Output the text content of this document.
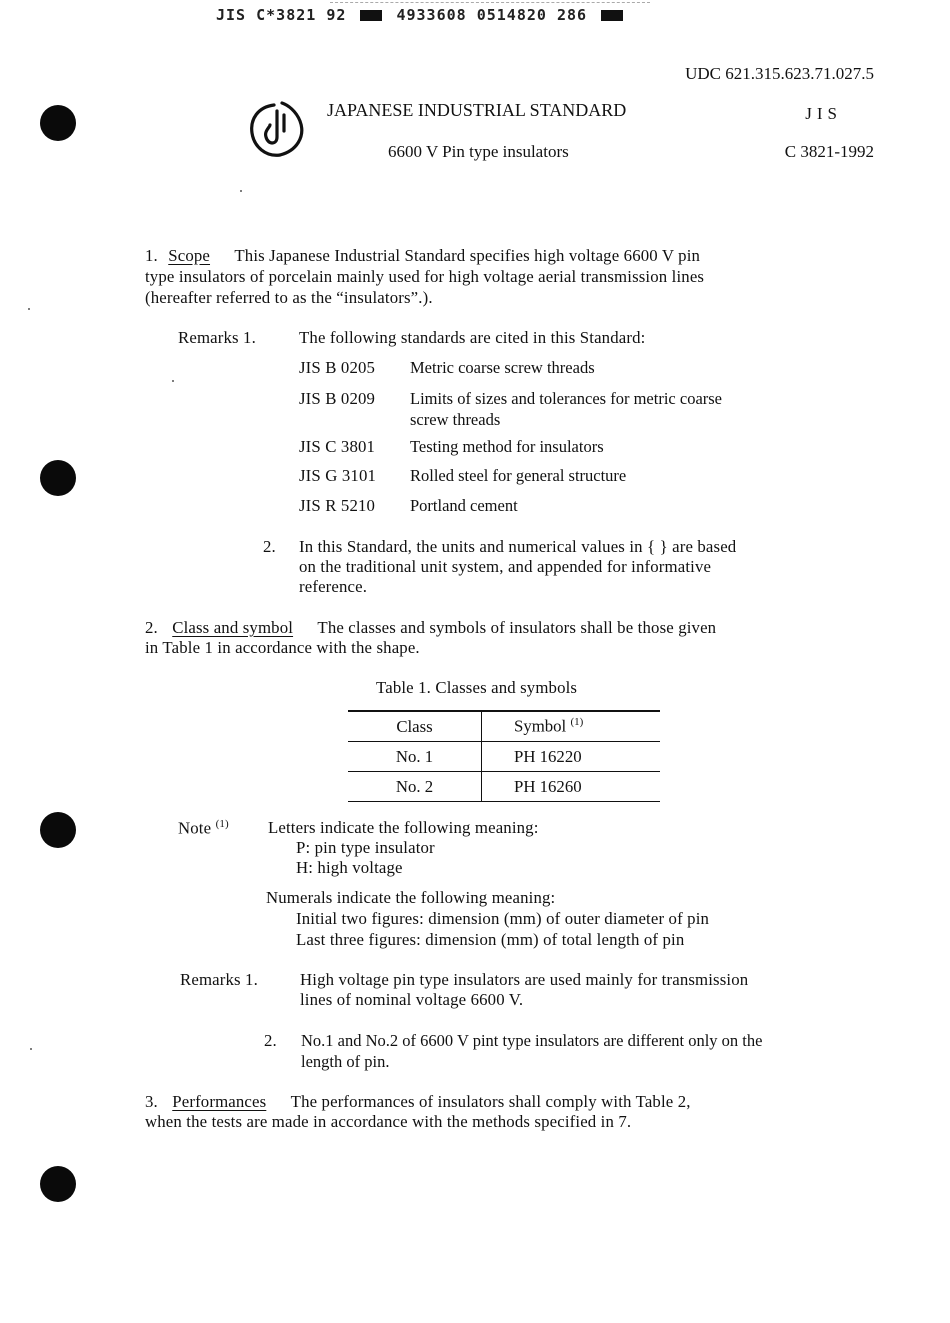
JIS C*3821 92	4933608 0514820 286
UDC 621.315.623.71.027.5
JAPANESE INDUSTRIAL STANDARD	JIS
6600 V Pin type insulators	C 3821-1992
1. Scope This Japanese Industrial Standard specifies high voltage 6600 V pin
type insulators of porcelain mainly used for high voltage aerial transmission lines
(hereafter referred to as the “insulators”.).
Remarks 1.	The following standards are cited in this Standard:
JIS B 0205 Metric coarse screw threads
JIS B 0209 Limits of sizes and tolerances for metric coarse
screw threads
JIS C 3801 Testing method for insulators
JIS G 3101 Rolled steel for general structure
JIS R 5210 Portland cement
2. In this Standard, the units and numerical values in { } are based
on the traditional unit system, and appended for informative
reference.
2. Class and symbol The classes and symbols of insulators shall be those given
in Table 1 in accordance with the shape.
Table 1. Classes and symbols
Class	Symbol $^{(1)}$
No. 1	PH 16220
No. 2	PH 16260
Note $^{(1)}$ Letters indicate the following meaning:
P: pin type insulator
H: high voltage
Numerals indicate the following meaning:
Initial two figures: dimension (mm) of outer diameter of pin
Last three figures: dimension (mm) of total length of pin
Remarks 1.	High voltage pin type insulators are used mainly for transmission
lines of nominal voltage 6600 V.
2. No.1 and No.2 of 6600 V pint type insulators are different only on the
length of pin.
3. Performances The performances of insulators shall comply with Table 2,
when the tests are made in accordance with the methods specified in 7.
